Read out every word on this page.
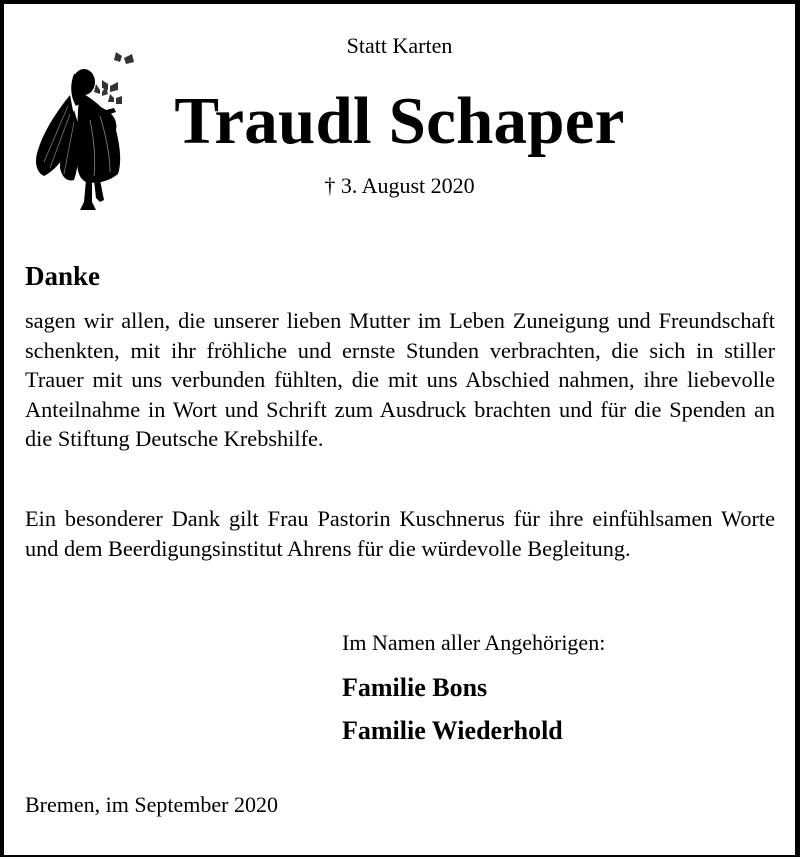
Statt Karten
Traudl Schaper
† 3. August 2020
Danke
sagen wir allen, die unserer lieben Mutter im Leben Zuneigung und Freundschaft schenkten, mit ihr fröhliche und ernste Stunden verbrachten, die sich in stiller Trauer mit uns verbunden fühlten, die mit uns Abschied nahmen, ihre liebevolle Anteilnahme in Wort und Schrift zum Ausdruck brachten und für die Spenden an die Stiftung Deutsche Krebshilfe.
Ein besonderer Dank gilt Frau Pastorin Kuschnerus für ihre einfühlsamen Worte und dem Beerdigungsinstitut Ahrens für die würdevolle Begleitung.
Im Namen aller Angehörigen:
Familie Bons
Familie Wiederhold
Bremen, im September 2020
